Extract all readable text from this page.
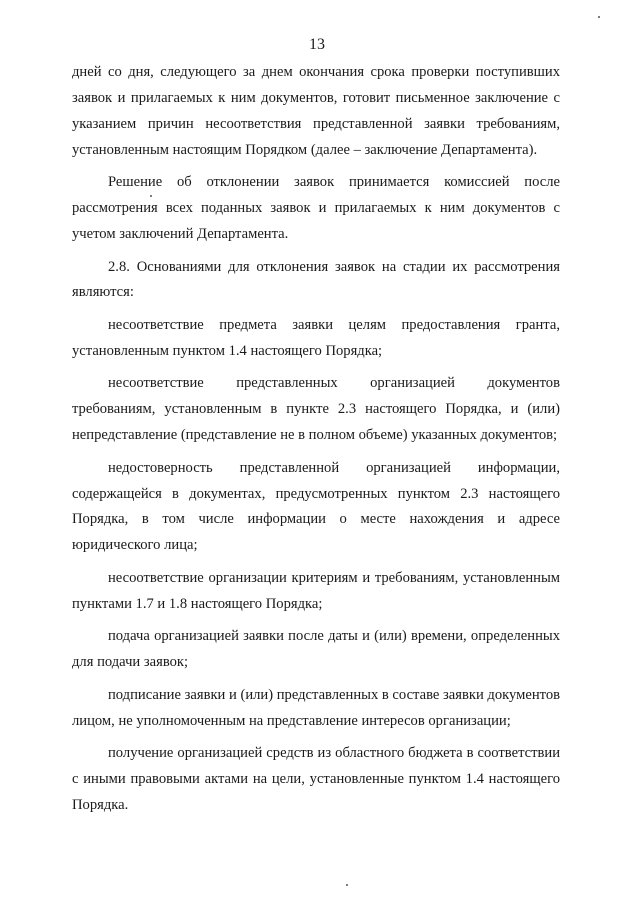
13

дней со дня, следующего за днем окончания срока проверки поступивших заявок и прилагаемых к ним документов, готовит письменное заключение с указанием причин несоответствия представленной заявки требованиям, установленным настоящим Порядком (далее – заключение Департамента).

Решение об отклонении заявок принимается комиссией после рассмотрения всех поданных заявок и прилагаемых к ним документов с учетом заключений Департамента.

2.8. Основаниями для отклонения заявок на стадии их рассмотрения являются:

несоответствие предмета заявки целям предоставления гранта, установленным пунктом 1.4 настоящего Порядка;

несоответствие представленных организацией документов требованиям, установленным в пункте 2.3 настоящего Порядка, и (или) непредставление (представление не в полном объеме) указанных документов;

недостоверность представленной организацией информации, содержащейся в документах, предусмотренных пунктом 2.3 настоящего Порядка, в том числе информации о месте нахождения и адресе юридического лица;

несоответствие организации критериям и требованиям, установленным пунктами 1.7 и 1.8 настоящего Порядка;

подача организацией заявки после даты и (или) времени, определенных для подачи заявок;

подписание заявки и (или) представленных в составе заявки документов лицом, не уполномоченным на представление интересов организации;

получение организацией средств из областного бюджета в соответствии с иными правовыми актами на цели, установленные пунктом 1.4 настоящего Порядка.
